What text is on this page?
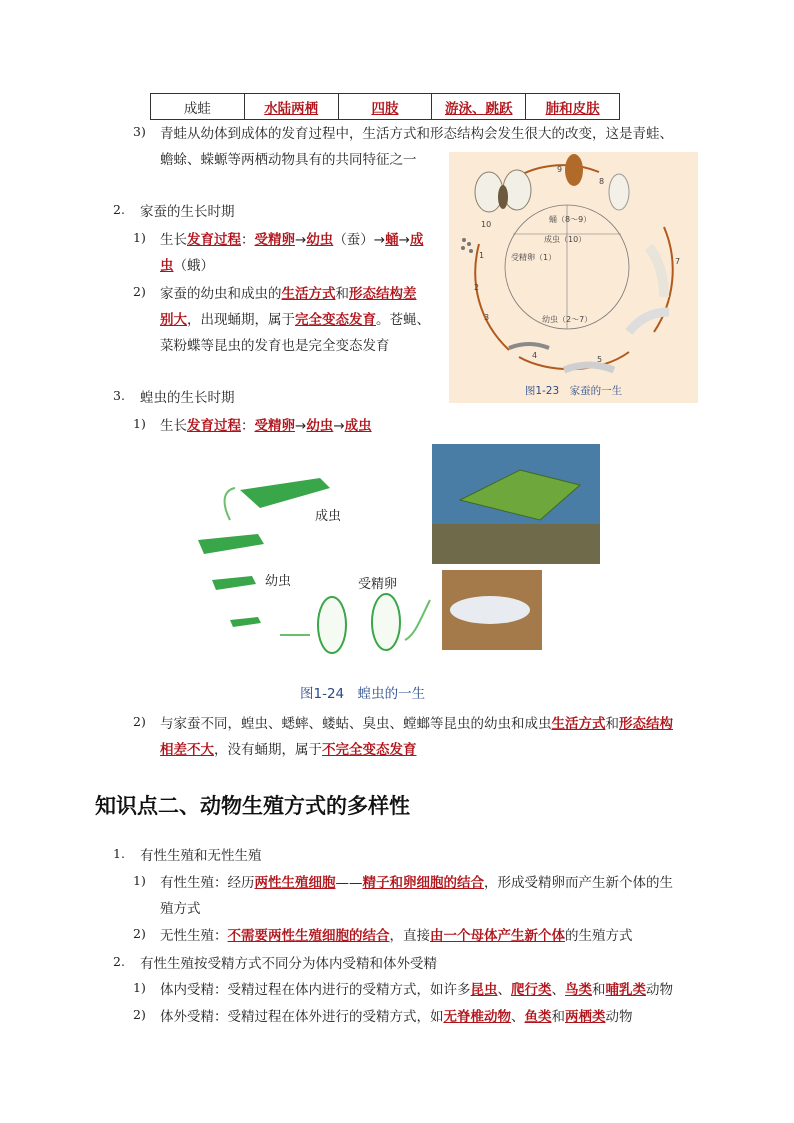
成蛙	水陆两栖	四肢	游泳、跳跃	肺和皮肤
3) 青蛙从幼体到成体的发育过程中，生活方式和形态结构会发生很大的改变，这是青蛙、
蟾蜍、蝾螈等两栖动物具有的共同特征之一
2. 家蚕的生长时期
1) 生长发育过程：受精卵→幼虫（蚕）→蛹→成
虫（蛾）
2) 家蚕的幼虫和成虫的生活方式和形态结构差
别大，出现蛹期，属于完全变态发育。苍蝇、
菜粉蝶等昆虫的发育也是完全变态发育
蛹（8～9）
成虫（10）
受精卵（1）
幼虫（2～7）
1
2
3
4	5
6
7
8
9
10
图1-23　家蚕的一生
3. 蝗虫的生长时期
1) 生长发育过程：受精卵→幼虫→成虫
成虫
幼虫	受精卵
图1-24　蝗虫的一生
2) 与家蚕不同，蝗虫、蟋蟀、蝼蛄、臭虫、螳螂等昆虫的幼虫和成虫生活方式和形态结构
相差不大，没有蛹期，属于不完全变态发育
知识点二、动物生殖方式的多样性
1. 有性生殖和无性生殖
1) 有性生殖：经历两性生殖细胞——精子和卵细胞的结合，形成受精卵而产生新个体的生
殖方式
2) 无性生殖：不需要两性生殖细胞的结合，直接由一个母体产生新个体的生殖方式
2. 有性生殖按受精方式不同分为体内受精和体外受精
1) 体内受精：受精过程在体内进行的受精方式，如许多昆虫、爬行类、鸟类和哺乳类动物
2) 体外受精：受精过程在体外进行的受精方式，如无脊椎动物、鱼类和两栖类动物
